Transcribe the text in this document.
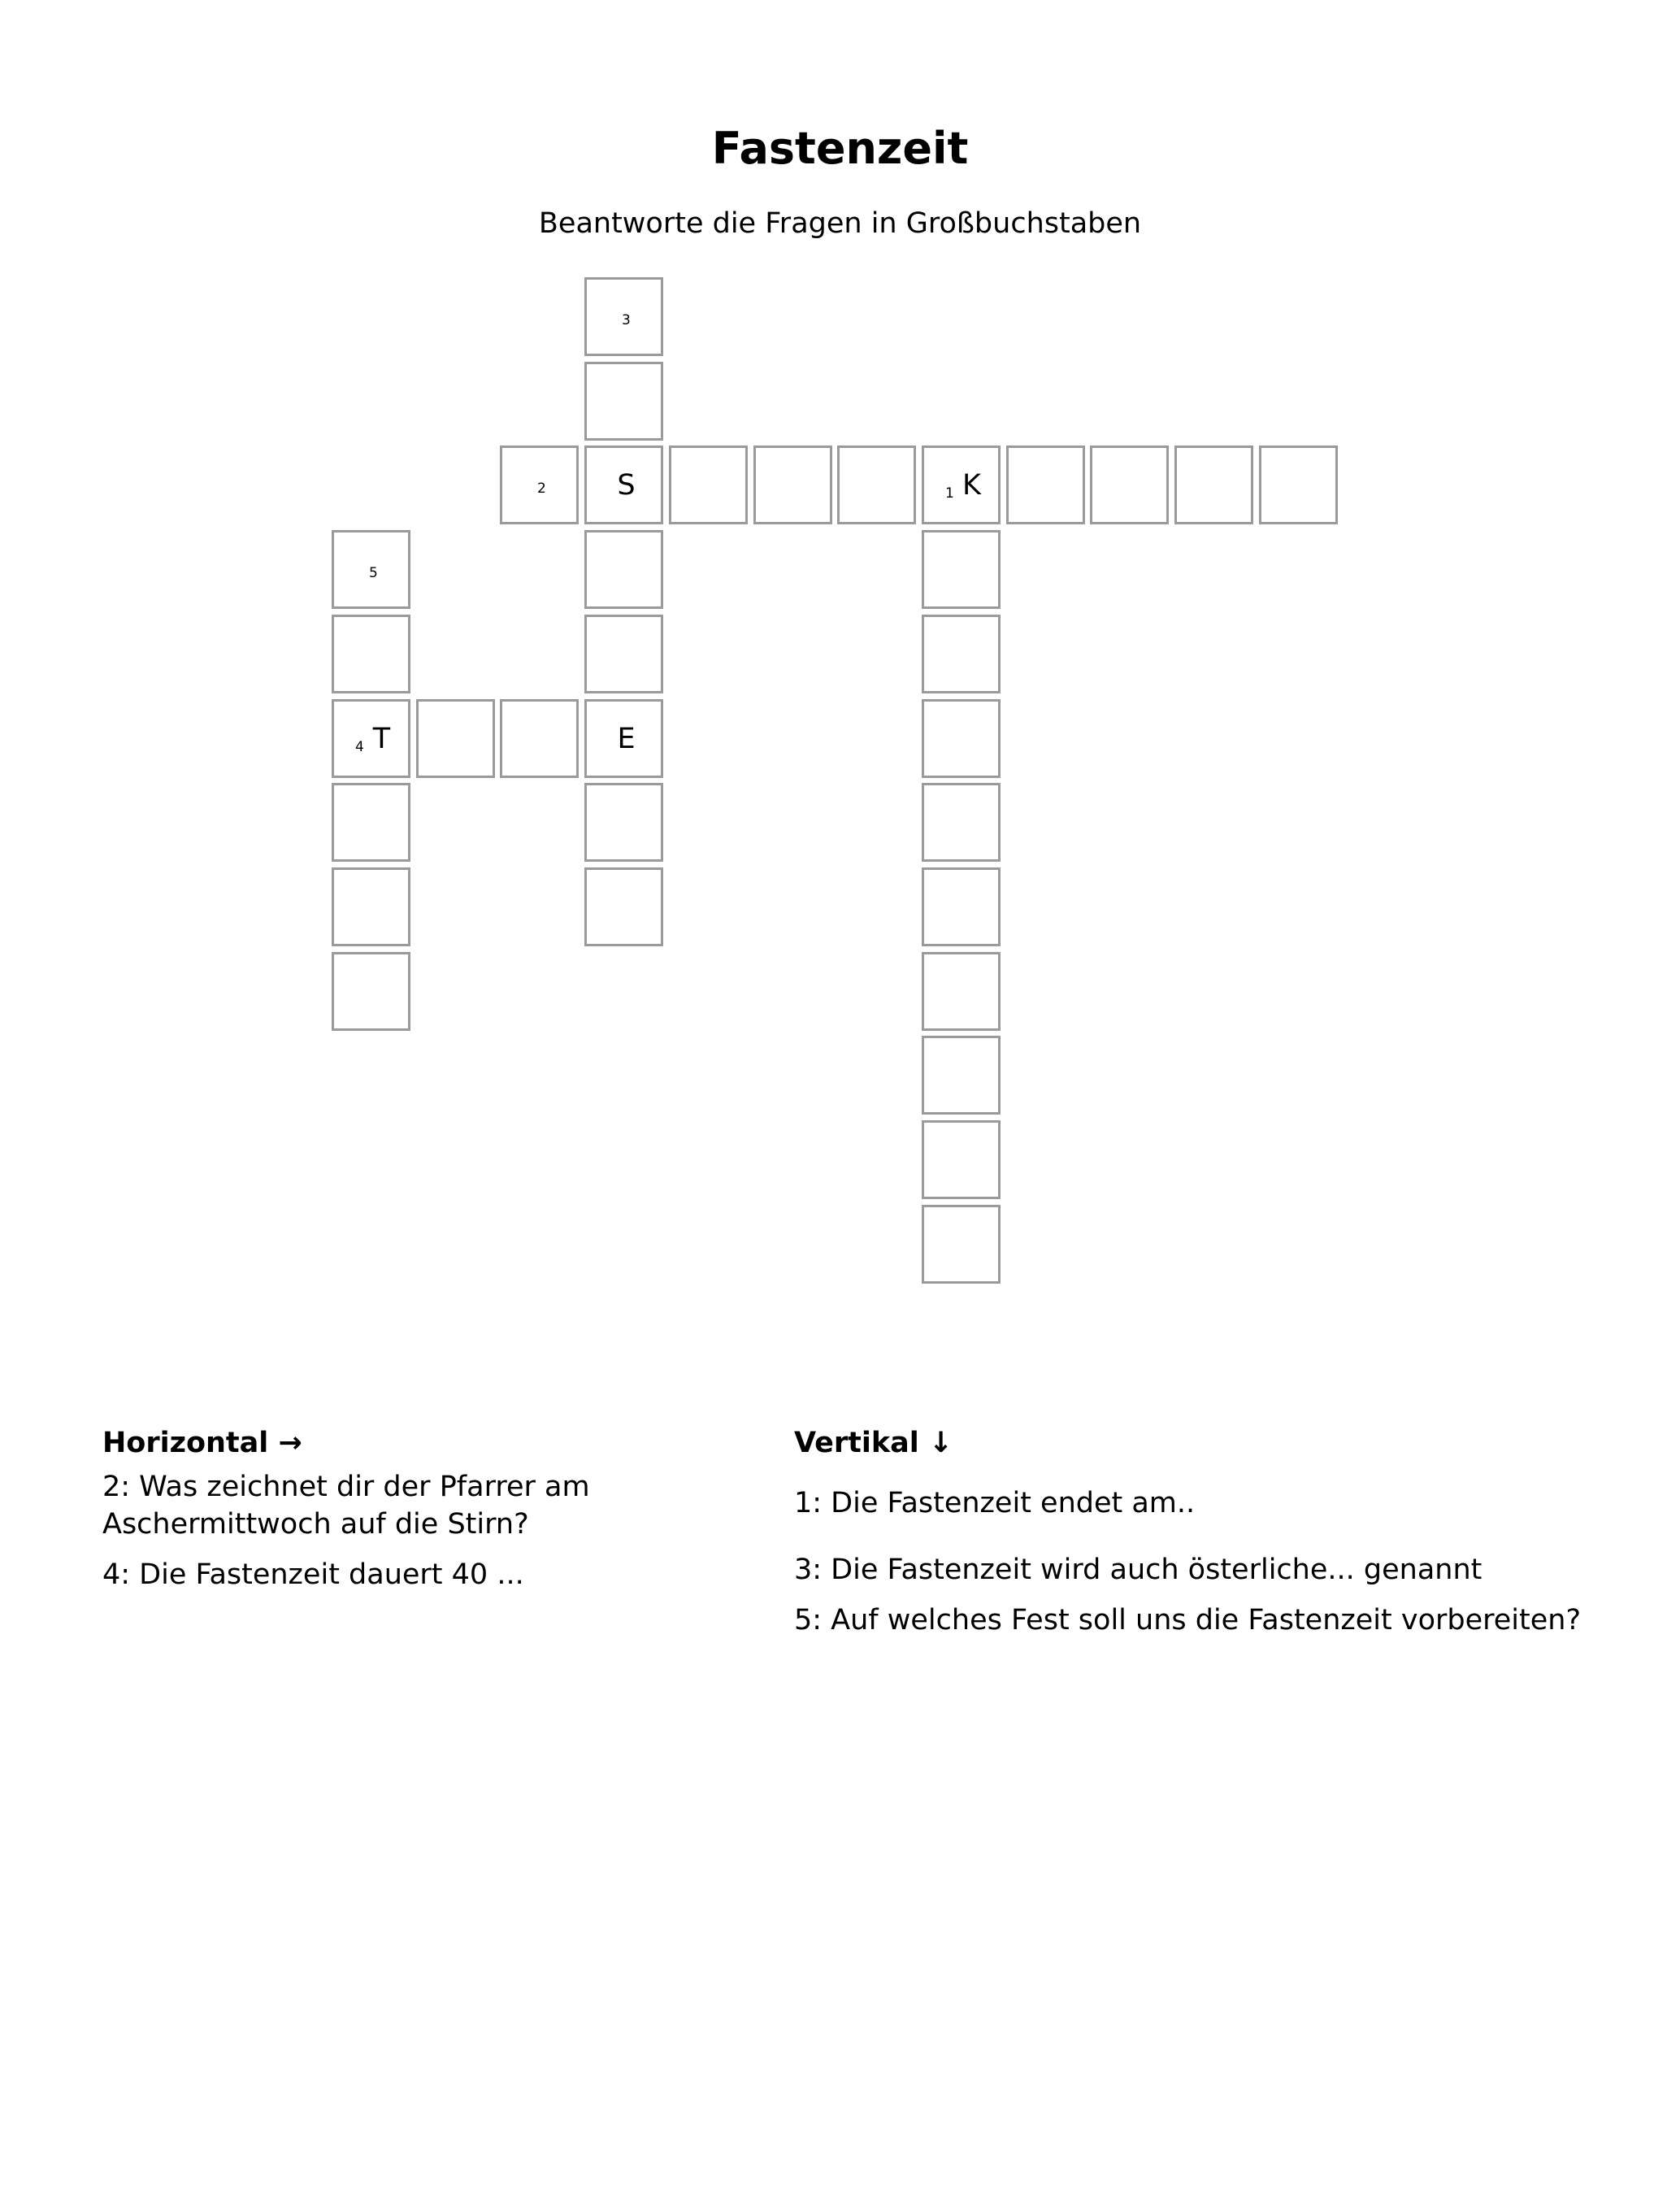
Fastenzeit
Beantworte die Fragen in Großbuchstaben
1 K
2	S
3
E
4 T
5
Horizontal →
2: Was zeichnet dir der Pfarrer am Aschermittwoch auf die Stirn?
4: Die Fastenzeit dauert 40 ...
Vertikal ↓
1: Die Fastenzeit endet am..
3: Die Fastenzeit wird auch österliche... genannt
5: Auf welches Fest soll uns die Fastenzeit vorbereiten?
